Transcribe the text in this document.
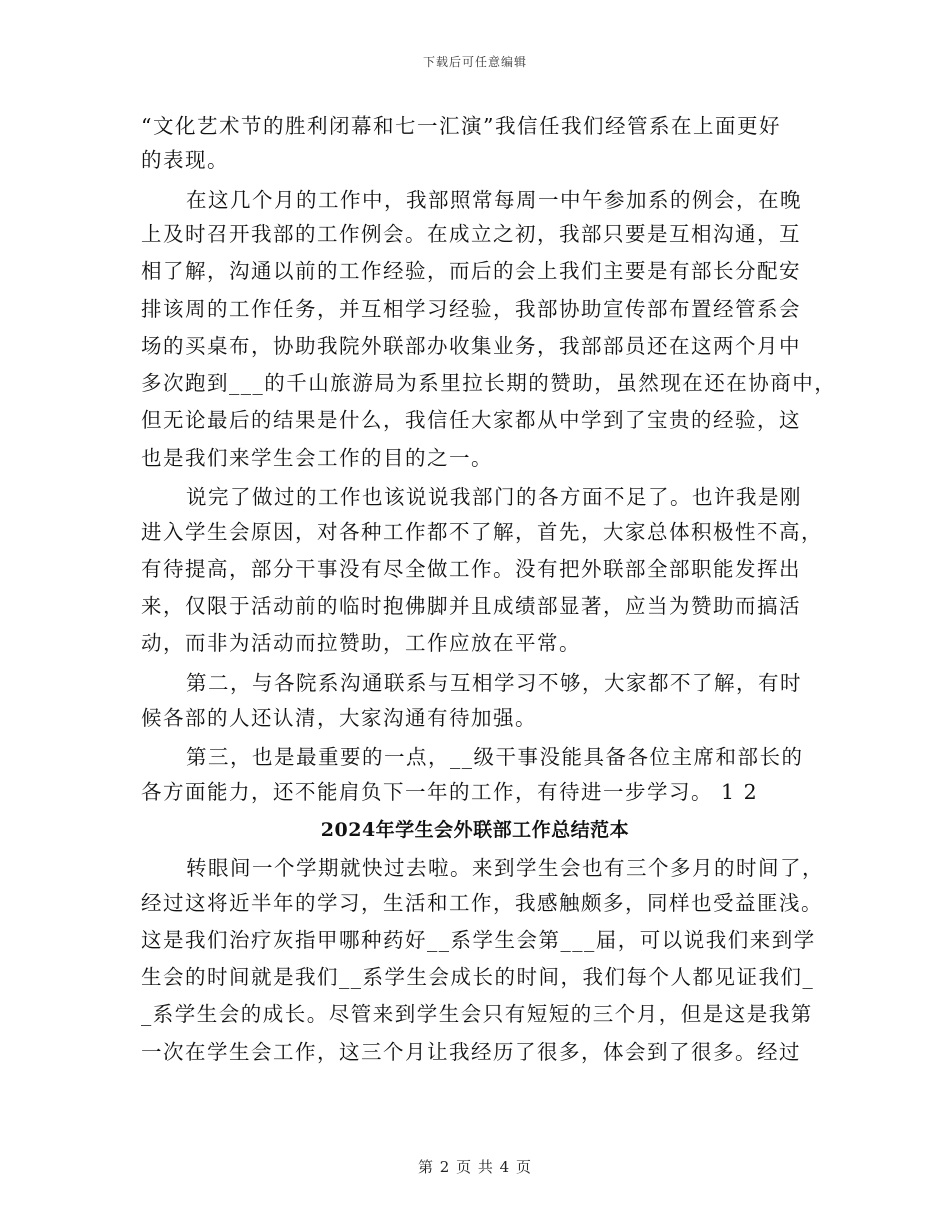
下载后可任意编辑
“文化艺术节的胜利闭幕和七一汇演”我信任我们经管系在上面更好
的表现。
在这几个月的工作中，我部照常每周一中午参加系的例会，在晚
上及时召开我部的工作例会。在成立之初，我部只要是互相沟通，互
相了解，沟通以前的工作经验，而后的会上我们主要是有部长分配安
排该周的工作任务，并互相学习经验，我部协助宣传部布置经管系会
场的买桌布，协助我院外联部办收集业务，我部部员还在这两个月中
多次跑到___的千山旅游局为系里拉长期的赞助，虽然现在还在协商中，
但无论最后的结果是什么，我信任大家都从中学到了宝贵的经验，这
也是我们来学生会工作的目的之一。
说完了做过的工作也该说说我部门的各方面不足了。也许我是刚
进入学生会原因，对各种工作都不了解，首先，大家总体积极性不高，
有待提高，部分干事没有尽全做工作。没有把外联部全部职能发挥出
来，仅限于活动前的临时抱佛脚并且成绩部显著，应当为赞助而搞活
动，而非为活动而拉赞助，工作应放在平常。
第二，与各院系沟通联系与互相学习不够，大家都不了解，有时
候各部的人还认清，大家沟通有待加强。
第三，也是最重要的一点，__级干事没能具备各位主席和部长的
各方面能力，还不能肩负下一年的工作，有待进一步学习。 1 2
2024年学生会外联部工作总结范本
转眼间一个学期就快过去啦。来到学生会也有三个多月的时间了，
经过这将近半年的学习，生活和工作，我感触颇多，同样也受益匪浅。
这是我们治疗灰指甲哪种药好__系学生会第___届，可以说我们来到学
生会的时间就是我们__系学生会成长的时间，我们每个人都见证我们_
_系学生会的成长。尽管来到学生会只有短短的三个月，但是这是我第
一次在学生会工作，这三个月让我经历了很多，体会到了很多。经过
第 2 页 共 4 页
